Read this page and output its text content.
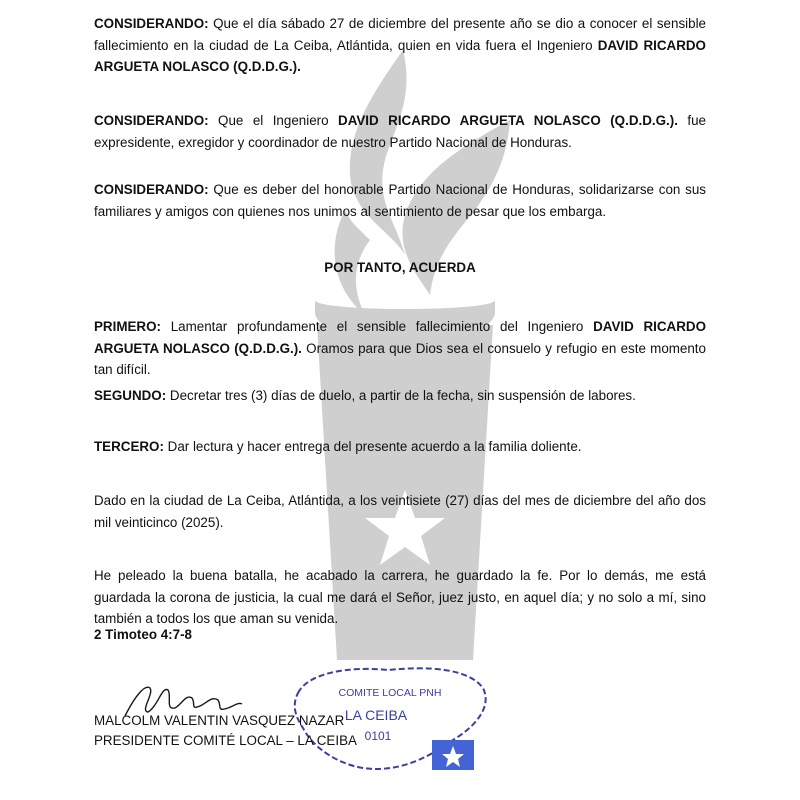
CONSIDERANDO: Que el día sábado 27 de diciembre del presente año se dio a conocer el sensible fallecimiento en la ciudad de La Ceiba, Atlántida, quien en vida fuera el Ingeniero DAVID RICARDO ARGUETA NOLASCO (Q.D.D.G.).

CONSIDERANDO: Que el Ingeniero DAVID RICARDO ARGUETA NOLASCO (Q.D.D.G.). fue expresidente, exregidor y coordinador de nuestro Partido Nacional de Honduras.

CONSIDERANDO: Que es deber del honorable Partido Nacional de Honduras, solidarizarse con sus familiares y amigos con quienes nos unimos al sentimiento de pesar que los embarga.

POR TANTO, ACUERDA

PRIMERO: Lamentar profundamente el sensible fallecimiento del Ingeniero DAVID RICARDO ARGUETA NOLASCO (Q.D.D.G.). Oramos para que Dios sea el consuelo y refugio en este momento tan difícil.

SEGUNDO: Decretar tres (3) días de duelo, a partir de la fecha, sin suspensión de labores.

TERCERO: Dar lectura y hacer entrega del presente acuerdo a la familia doliente.

Dado en la ciudad de La Ceiba, Atlántida, a los veintisiete (27) días del mes de diciembre del año dos mil veinticinco (2025).

He peleado la buena batalla, he acabado la carrera, he guardado la fe. Por lo demás, me está guardada la corona de justicia, la cual me dará el Señor, juez justo, en aquel día; y no solo a mí, sino también a todos los que aman su venida.

2 Timoteo 4:7-8

COMITE LOCAL PNH
LA CEIBA
0101
MALCOLM VALENTIN VASQUEZ NAZAR
PRESIDENTE COMITÉ LOCAL – LA CEIBA
